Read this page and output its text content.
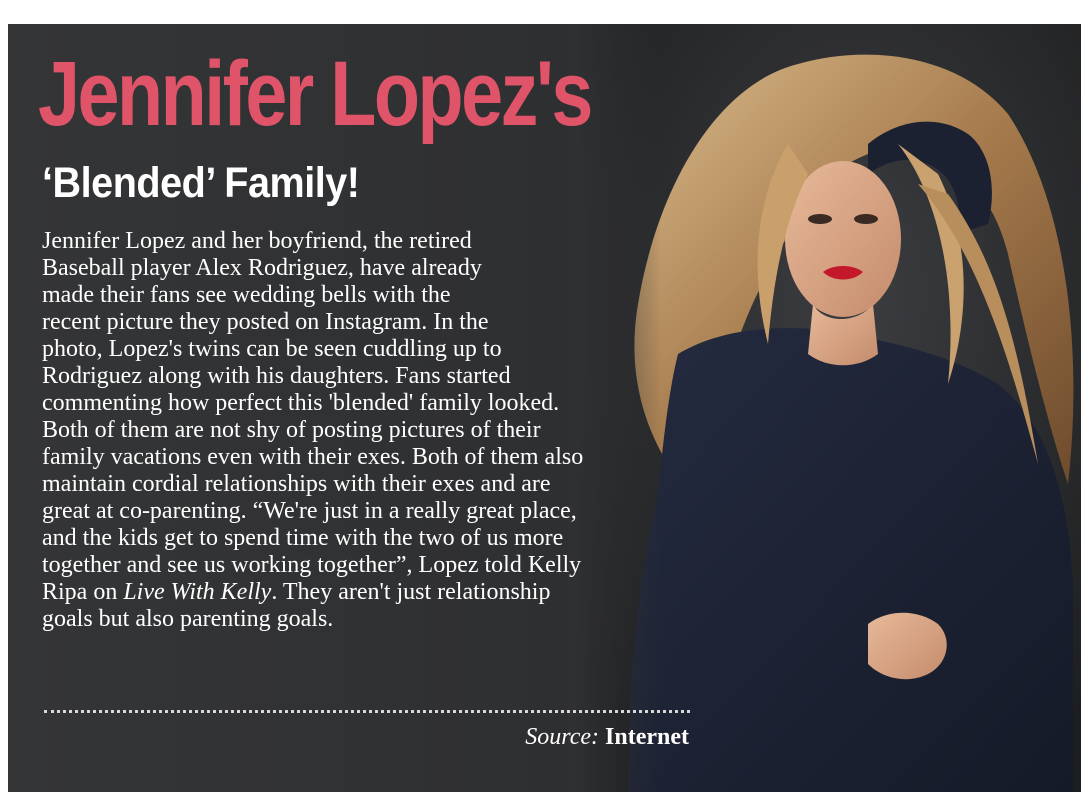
Jennifer Lopez's
‘Blended’ Family!

Jennifer Lopez and her boyfriend, the retired
Baseball player Alex Rodriguez, have already
made their fans see wedding bells with the
recent picture they posted on Instagram. In the
photo, Lopez's twins can be seen cuddling up to
Rodriguez along with his daughters. Fans started
commenting how perfect this 'blended' family looked.
Both of them are not shy of posting pictures of their
family vacations even with their exes. Both of them also
maintain cordial relationships with their exes and are
great at co-parenting. “We're just in a really great place,
and the kids get to spend time with the two of us more
together and see us working together”, Lopez told Kelly
Ripa on Live With Kelly. They aren't just relationship
goals but also parenting goals.

Source: Internet
